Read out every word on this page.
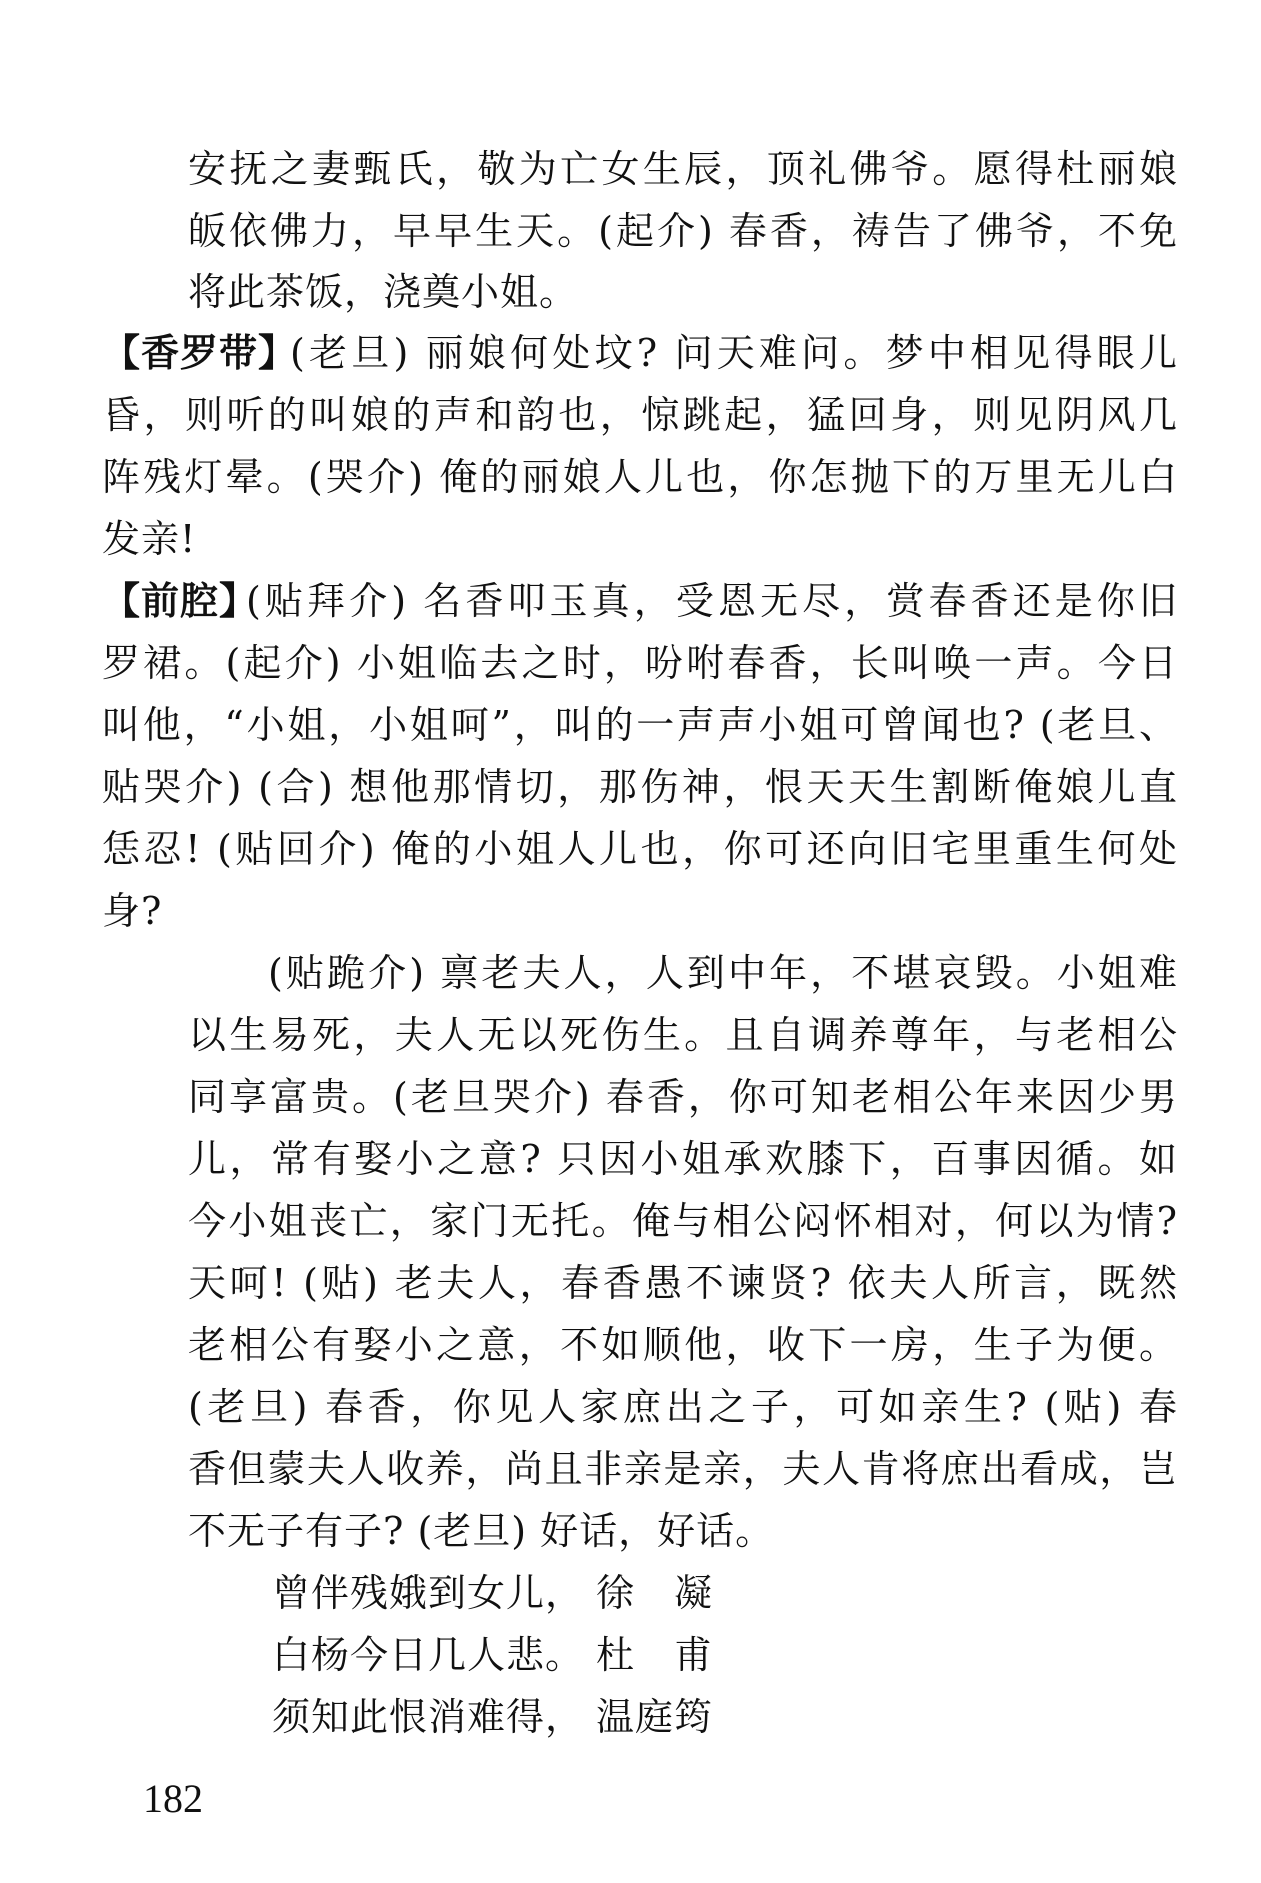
安抚之妻甄氏，敬为亡女生辰，顶礼佛爷。愿得杜丽娘
皈依佛力，早早生天。(起介) 春香，祷告了佛爷，不免
将此茶饭，浇奠小姐。
【香罗带】
(老旦) 丽娘何处坟? 问天难问。梦中相见得眼儿
昏，则听的叫娘的声和韵也，惊跳起，猛回身，则见阴风几
阵残灯晕。(哭介) 俺的丽娘人儿也，你怎抛下的万里无儿白
发亲!
【前腔】
(贴拜介) 名香叩玉真，受恩无尽，赏春香还是你旧
罗裙。(起介) 小姐临去之时，吩咐春香，长叫唤一声。今日
叫他，“小姐，小姐呵”，叫的一声声小姐可曾闻也? (老旦、
贴哭介) (合) 想他那情切，那伤神，恨天天生割断俺娘儿直
恁忍! (贴回介) 俺的小姐人儿也，你可还向旧宅里重生何处
身?
(贴跪介) 禀老夫人，人到中年，不堪哀毁。小姐难
以生易死，夫人无以死伤生。且自调养尊年，与老相公
同享富贵。(老旦哭介) 春香，你可知老相公年来因少男
儿，常有娶小之意? 只因小姐承欢膝下，百事因循。如
今小姐丧亡，家门无托。俺与相公闷怀相对，何以为情?
天呵! (贴) 老夫人，春香愚不谏贤? 依夫人所言，既然
老相公有娶小之意，不如顺他，收下一房，生子为便。
(老旦) 春香，你见人家庶出之子，可如亲生? (贴) 春
香但蒙夫人收养，尚且非亲是亲，夫人肯将庶出看成，岂
不无子有子? (老旦) 好话，好话。
曾伴残娥到女儿， 徐　凝
白杨今日几人悲。 杜　甫
须知此恨消难得， 温庭筠
182
